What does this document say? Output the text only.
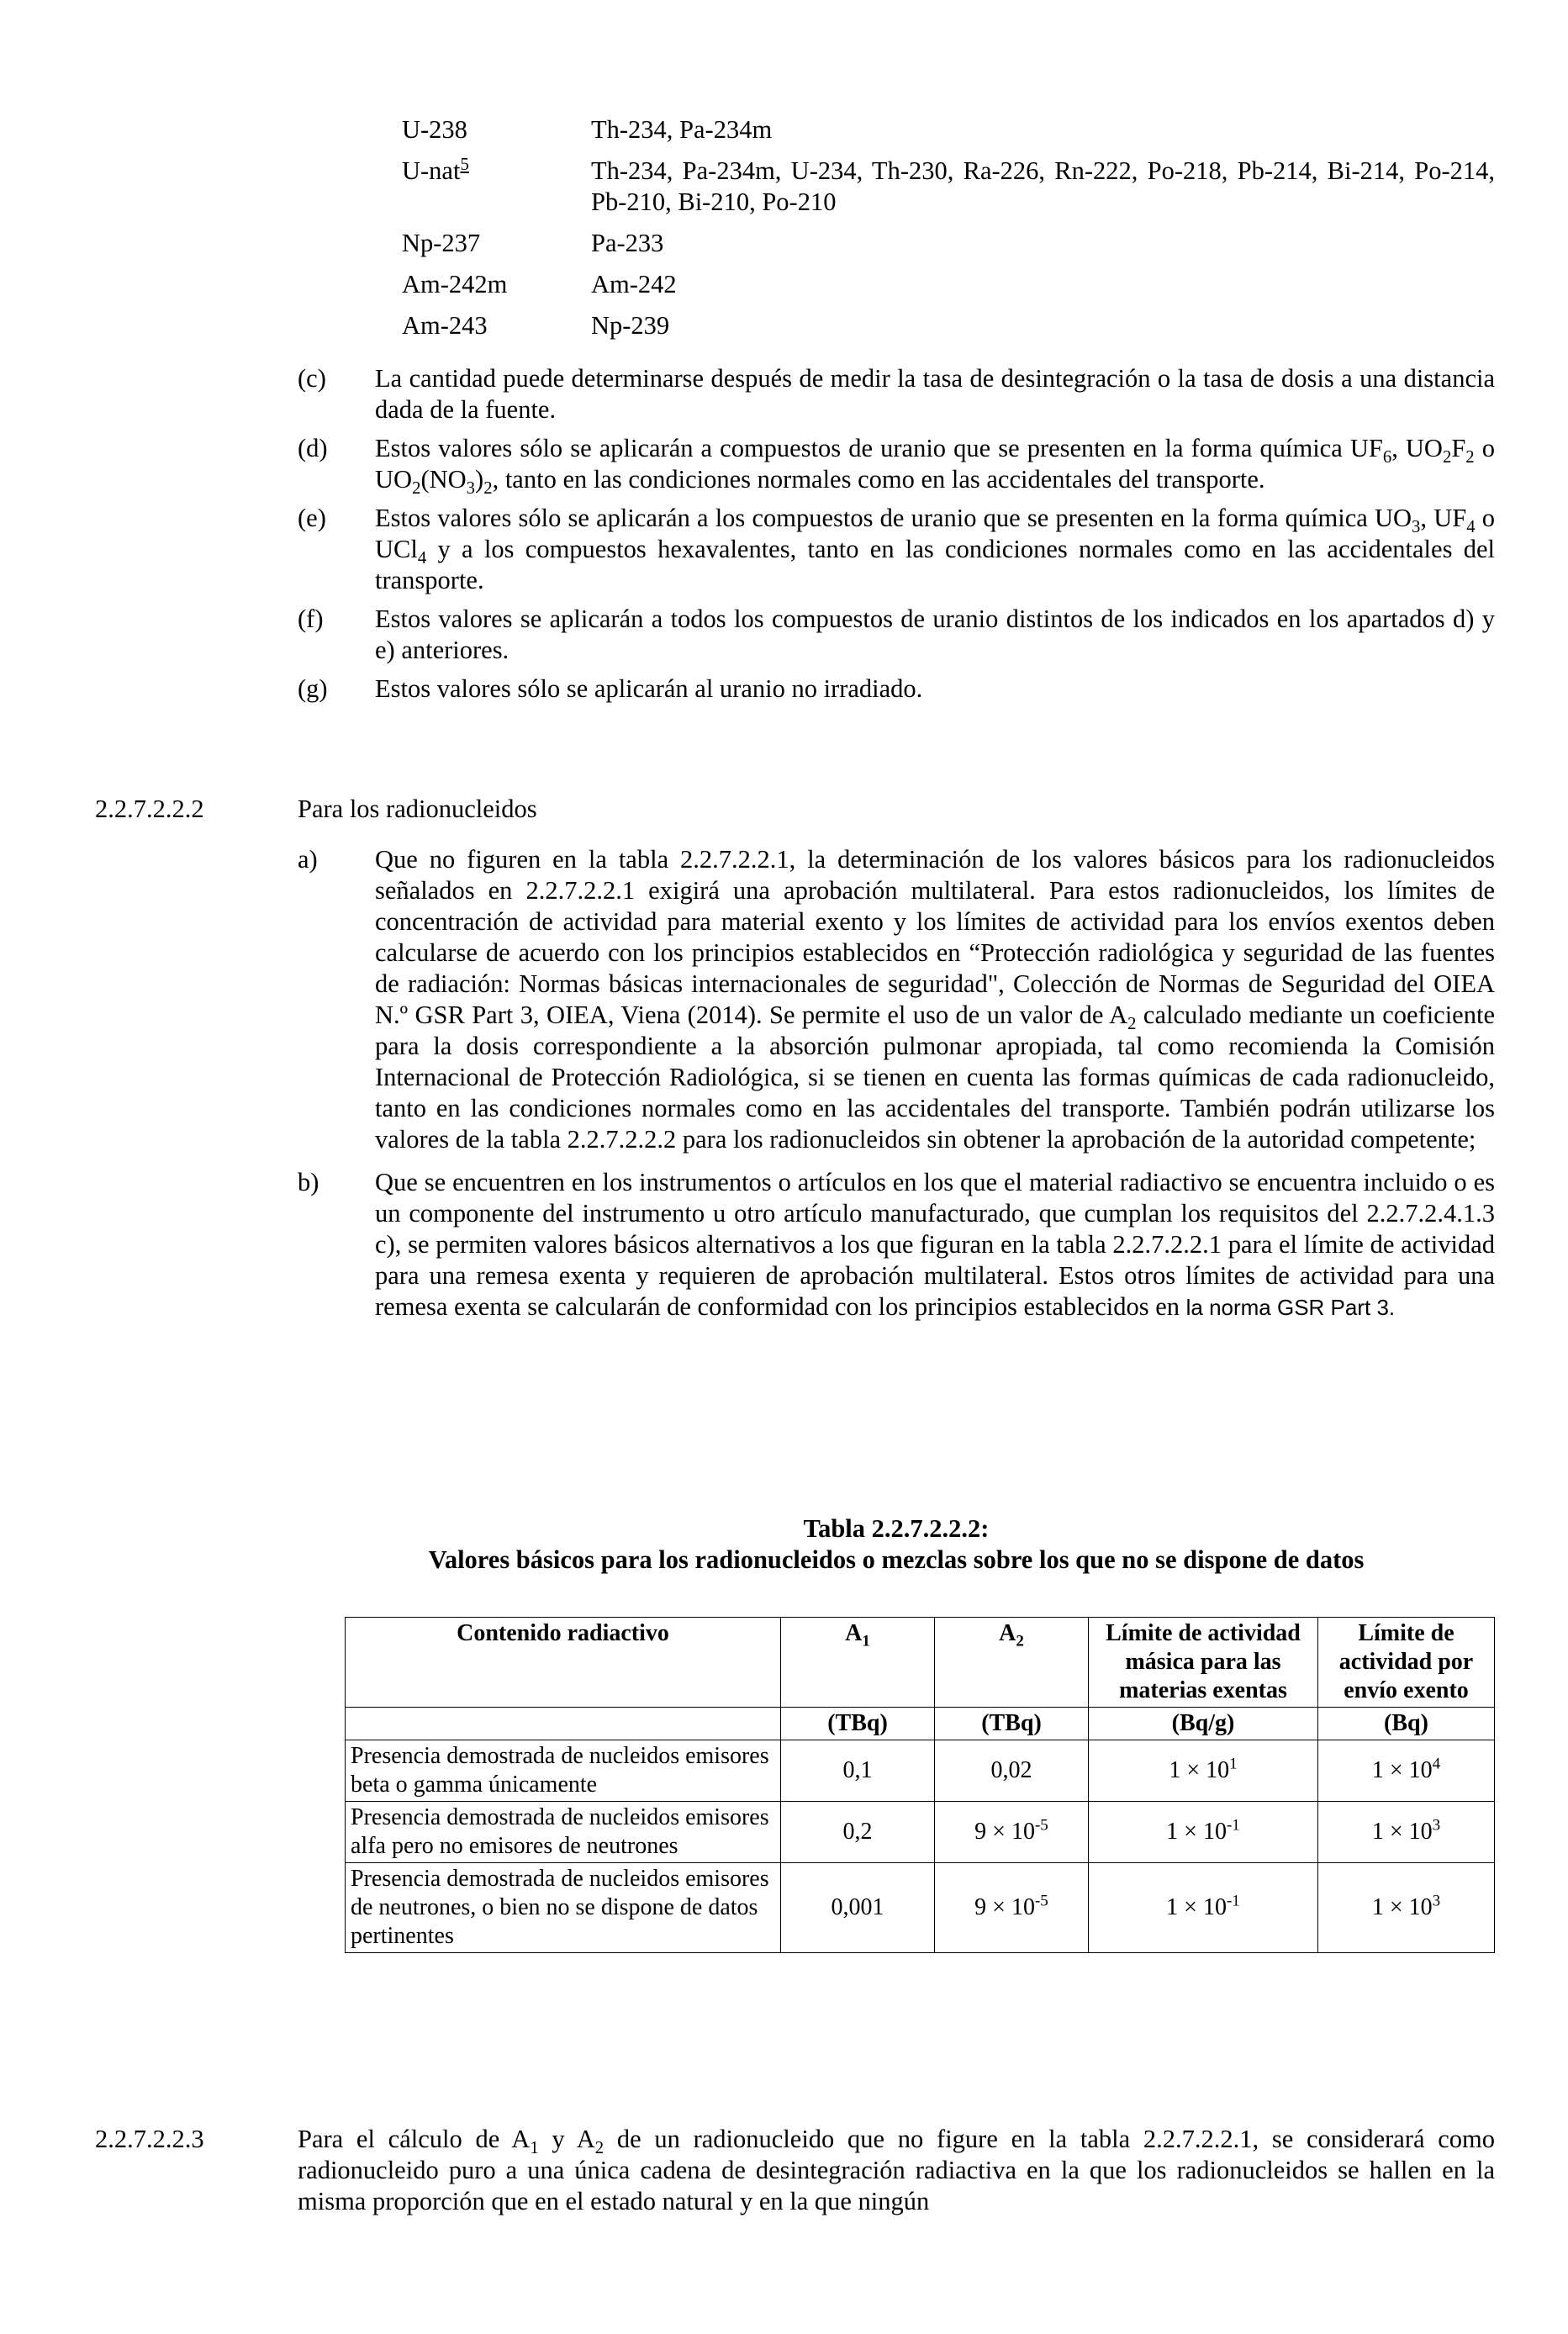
U-238	Th-234, Pa-234m
U-nat$^5$	Th-234, Pa-234m, U-234, Th-230, Ra-226, Rn-222, Po-218, Pb-214, Bi-214, Po-214, Pb-210, Bi-210, Po-210
Np-237	Pa-233
Am-242m	Am-242
Am-243	Np-239
(c)	La cantidad puede determinarse después de medir la tasa de desintegración o la tasa de dosis a una distancia dada de la fuente.
(d)	Estos valores sólo se aplicarán a compuestos de uranio que se presenten en la forma química $UF_6$, $UO_2F_2$ o $UO_2(NO_3)_2$, tanto en las condiciones normales como en las accidentales del transporte.
(e)	Estos valores sólo se aplicarán a los compuestos de uranio que se presenten en la forma química $UO_3$, $UF_4$ o UCl$_4$ y a los compuestos hexavalentes, tanto en las condiciones normales como en las accidentales del transporte.
(f)	Estos valores se aplicarán a todos los compuestos de uranio distintos de los indicados en los apartados d) y e) anteriores.
(g)	Estos valores sólo se aplicarán al uranio no irradiado.
2.2.7.2.2.2	Para los radionucleidos
a)	Que no figuren en la tabla 2.2.7.2.2.1, la determinación de los valores básicos para los radionucleidos señalados en 2.2.7.2.2.1 exigirá una aprobación multilateral. Para estos radionucleidos, los límites de concentración de actividad para material exento y los límites de actividad para los envíos exentos deben calcularse de acuerdo con los principios establecidos en “Protección radiológica y seguridad de las fuentes de radiación: Normas básicas internacionales de seguridad", Colección de Normas de Seguridad del OIEA N.º GSR Part 3, OIEA, Viena (2014). Se permite el uso de un valor de $A_2$ calculado mediante un coeficiente para la dosis correspondiente a la absorción pulmonar apropiada, tal como recomienda la Comisión Internacional de Protección Radiológica, si se tienen en cuenta las formas químicas de cada radionucleido, tanto en las condiciones normales como en las accidentales del transporte. También podrán utilizarse los valores de la tabla 2.2.7.2.2.2 para los radionucleidos sin obtener la aprobación de la autoridad competente;
b)	Que se encuentren en los instrumentos o artículos en los que el material radiactivo se encuentra incluido o es un componente del instrumento u otro artículo manufacturado, que cumplan los requisitos del 2.2.7.2.4.1.3 c), se permiten valores básicos alternativos a los que figuran en la tabla 2.2.7.2.2.1 para el límite de actividad para una remesa exenta y requieren de aprobación multilateral. Estos otros límites de actividad para una remesa exenta se calcularán de conformidad con los principios establecidos en la norma GSR Part 3.
Tabla 2.2.7.2.2.2:
Valores básicos para los radionucleidos o mezclas sobre los que no se dispone de datos
Contenido radiactivo	$A_1$	$A_2$	Límite de actividad másica para las materias exentas	Límite de actividad por envío exento
	(TBq)	(TBq)	(Bq/g)	(Bq)
Presencia demostrada de nucleidos emisores beta o gamma únicamente	0,1	0,02	$1 \times 10^1$	$1 \times 10^4$
Presencia demostrada de nucleidos emisores alfa pero no emisores de neutrones	0,2	$9 \times 10^{-5}$	$1 \times 10^{-1}$	$1 \times 10^3$
Presencia demostrada de nucleidos emisores de neutrones, o bien no se dispone de datos pertinentes	0,001	$9 \times 10^{-5}$	$1 \times 10^{-1}$	$1 \times 10^3$
2.2.7.2.2.3	Para el cálculo de $A_1$ y $A_2$ de un radionucleido que no figure en la tabla 2.2.7.2.2.1, se considerará como radionucleido puro a una única cadena de desintegración radiactiva en la que los radionucleidos se hallen en la misma proporción que en el estado natural y en la que ningún
